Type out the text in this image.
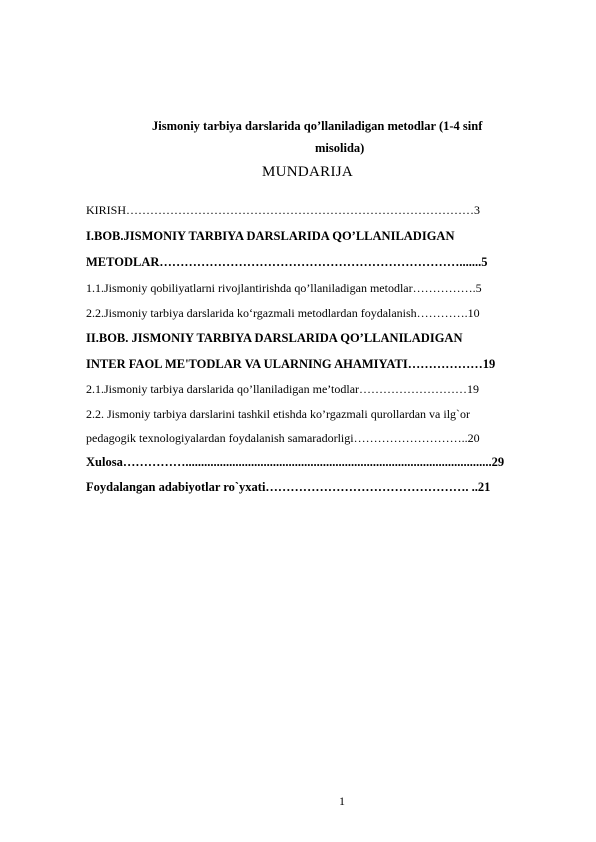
Jismoniy tarbiya darslarida qo’llaniladigan metodlar (1-4 sinf
misolida)
MUNDARIJA
KIRISH……………………………………………………………………………3
I.BOB.JISMONIY TARBIYA DARSLARIDA QO’LLANILADIGAN
METODLAR……………………………………………………………….......5
1.1.Jismoniy qobiliyatlarni rivojlantirishda qo’llaniladigan metodlar…………….5
2.2.Jismoniy tarbiya darslarida ko‘rgazmali metodlardan foydalanish………….10
II.BOB. JISMONIY TARBIYA DARSLARIDA QO’LLANILADIGAN
INTER FAOL ME'TODLAR VA ULARNING AHAMIYATI………………19
2.1.Jismoniy tarbiya darslarida qo’llaniladigan me’todlar………………………19
2.2. Jismoniy tarbiya darslarini tashkil etishda ko’rgazmali qurollardan va ilg`or
pedagogik texnologiyalardan foydalanish samaradorligi………………………..20
Xulosa……………..................................................................................................29
Foydalangan adabiyotlar ro`yxati…………………………………………. ..21
1
